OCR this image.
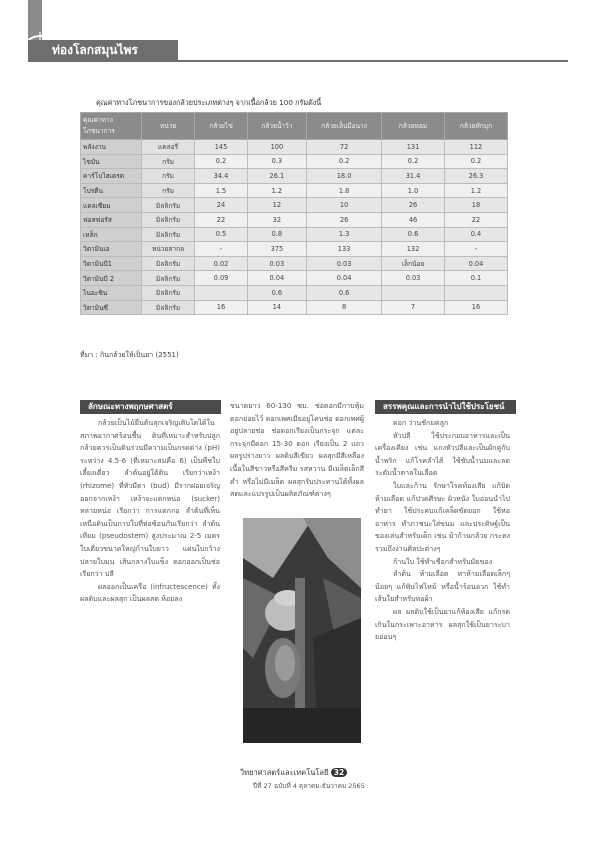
ท่องโลกสมุนไพร
คุณค่าทางโภชนาการของกล้วยประเภทต่างๆ จากเนื้อกล้วย 100 กรัมดังนี้
คุณค่าทางโภชนาการ	หน่วย	กล้วยไข่	กล้วยน้ำว้า	กล้วยเล็บมือนาง	กล้วยหอม	กล้วยหักมุก
พลังงาน	แคลอรี่	145	100	72	131	112
ไขมัน	กรัม	0.2	0.3	0.2	0.2	0.2
คาร์โบไฮเดรต	กรัม	34.4	26.1	18.0	31.4	26.3
โปรตีน	กรัม	1.5	1.2	1.8	1.0	1.2
แคลเซียม	มิลลิกรัม	24	12	10	26	18
ฟอสฟอรัส	มิลลิกรัม	22	32	26	46	22
เหล็ก	มิลลิกรัม	0.5	0.8	1.3	0.6	0.4
วิตามินเอ	หน่วยสากล	-	375	133	132	-
วิตามินบี1	มิลลิกรัม	0.02	0.03	0.03	เล็กน้อย	0.04
วิตามินบี 2	มิลลิกรัม	0.09	0.04	0.04	0.03	0.1
ไนอะซิน	มิลลิกรัม		0.6	0.6		
วิตามินซี	มิลลิกรัม	16	14	8	7	16
ที่มา : กินกล้วยให้เป็นยา (2551)
ลักษณะทางพฤกษศาสตร์

กล้วยเป็นไม้ยืนต้นลุกเจริญเติบโตได้ในสภาพอากาศร้อนชื้น ดินที่เหมาะสำหรับปลูกกล้วยควรเป็นดินร่วนมีความเป็นกรดด่าง (pH) ระหว่าง 4.5-6 (ที่เหมาะสมคือ 6) เป็นพืชใบเลี้ยงเดี่ยว ลำต้นอยู่ใต้ดิน เรียกว่าเหง้า (rhizome) ที่หัวมีตา (bud) มีรากฝอยเจริญออกจากเหง้า เหง้าจะแตกหน่อ (sucker) หลายหน่อ เรียกว่า การแตกกอ ลำต้นที่เห็นเหนือดินเป็นกาบใบที่ห่อซ้อนกันเรียกว่า ลำต้นเทียม (pseudostem) สูงประมาณ 2-5 เมตร ใบเดี่ยวขนาดใหญ่ก้านใบยาว แผ่นใบกว้าง ปลายใบมน เส้นกลางใบแข็ง ดอกออกเป็นช่อเรียกว่า ปลี

ผลออกเป็นเครือ (infructescence) ทั้งผลดิบและผลสุก เป็นผลสด ห้อยลง

ขนาดยาว 60-130 ซม. ช่อดอกมีกาบหุ้มดอกย่อยไว้ ดอกเพศเมียอยู่โคนช่อ ดอกเพศผู้อยู่ปลายช่อ ช่อดอกเรียงเป็นกระจุก แต่ละกระจุกมีดอก 15-30 ดอก เรียงเป็น 2 แถว ผลรูปร่างยาว ผลดิบสีเขียว ผลสุกมีสีเหลือง เนื้อในสีขาวหรือสีครีม รสหวาน มีเมล็ดเล็กสีดำ หรือไม่มีเมล็ด ผลสุกรับประทานได้ทั้งผลสดและแปรรูปเป็นผลิตภัณฑ์ต่างๆ

สรรพคุณและการนำไปใช้ประโยชน์

ดอก ว่านชักมดลูก

หัวปลี ใช้ประกอบอาหารและเป็นเครื่องเคียง เช่น แกงหัวปลีและเป็นผักคู่กับน้ำพริก แก้โรคลำไส้ ใช้ขับน้ำนมและลดระดับน้ำตาลในเลือด

ใบและก้าน รักษาโรคท้องเสีย แก้บิด ห้ามเลือด แก้ปวดศีรษะ ผิวหนัง ใบอ่อนนำไปทำยา ใช้ประคบแก้เคล็ดขัดยอก ใช้ห่ออาหาร ทำภาชนะใส่ขนม และประดิษฐ์เป็นของเล่นสำหรับเด็ก เช่น ม้าก้านกล้วย กระทง รวมถึงงานศิลปะต่างๆ

ก้านใบ ใช้ทำเชือกสำหรับมัดของ

ลำต้น ห้ามเลือด ทาห้ามเลือดเล็กๆ น้อยๆ แก้พิษไฟไหม้ หรือน้ำร้อนลวก ใช้ทำเส้นใยสำหรับทอผ้า

ผล ผลดิบใช้เป็นยาแก้ท้องเสีย แก้กรดเกินในกระเพาะอาหาร ผลสุกใช้เป็นยาระบายอ่อนๆ

วิทยาศาสตร์และเทคโนโลยี 32
ปีที่ 27 ฉบับที่ 4 ตุลาคม-ธันวาคม 2565
